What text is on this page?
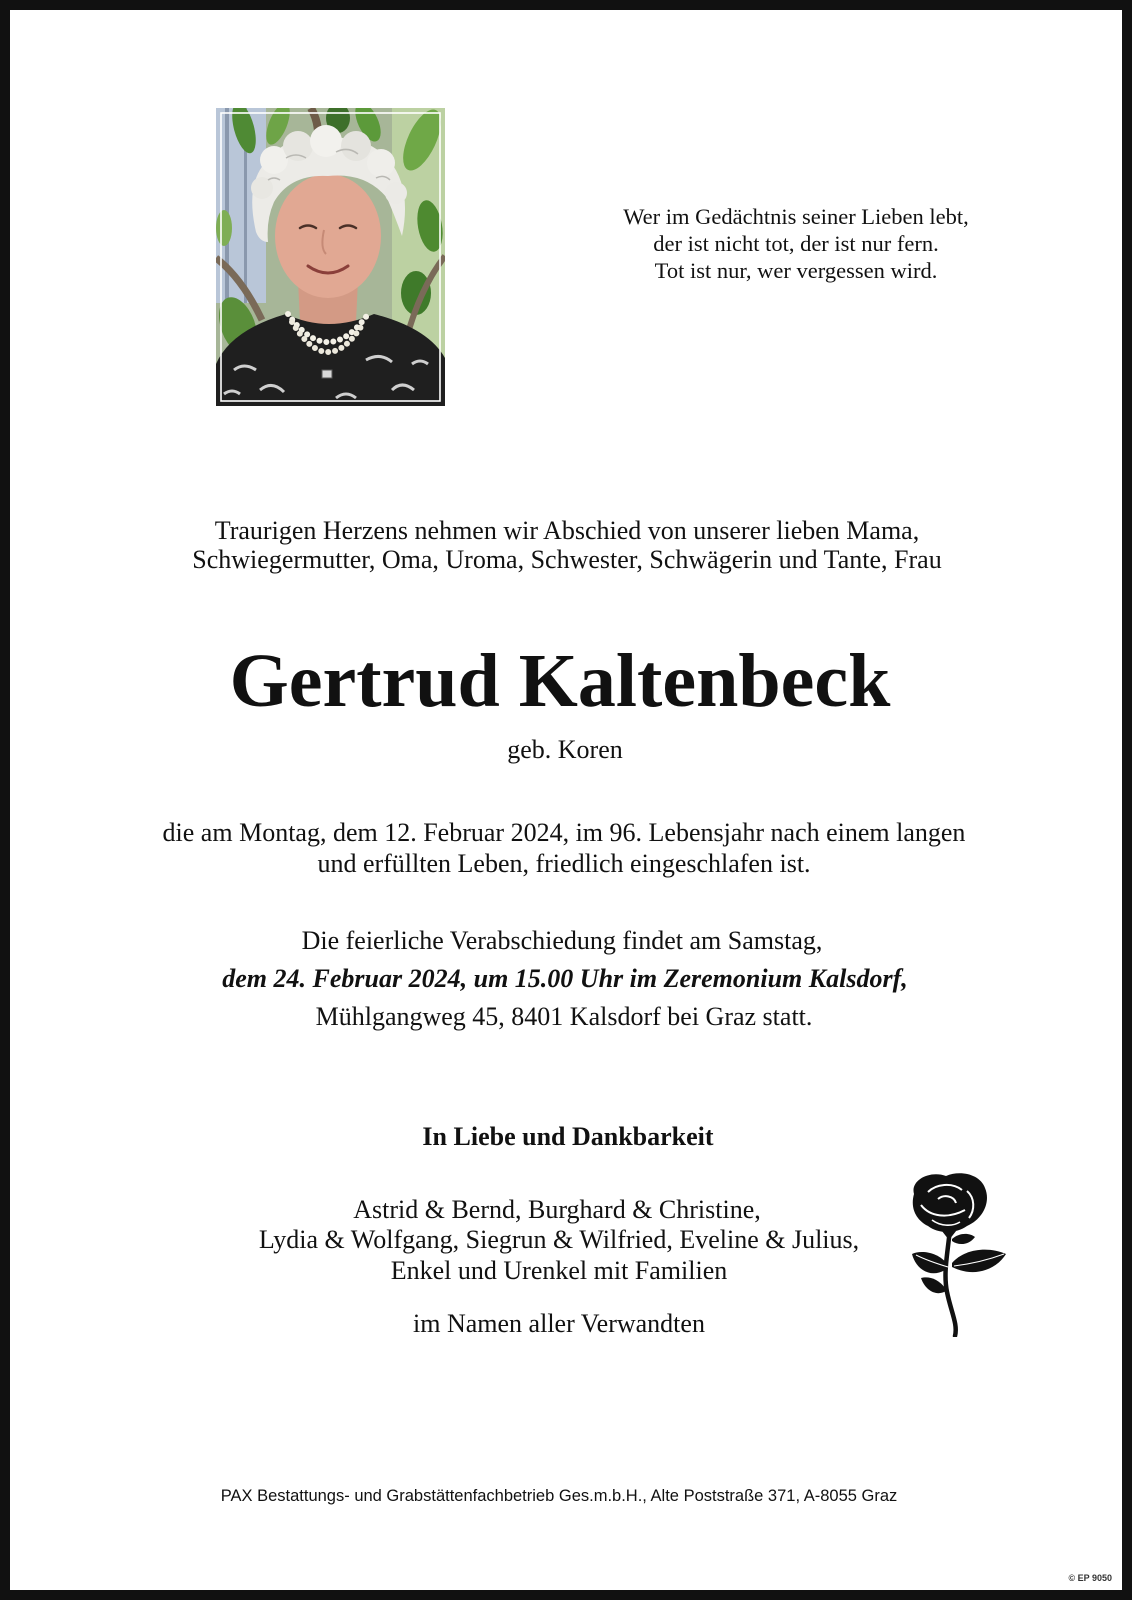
Wer im Gedächtnis seiner Lieben lebt,
der ist nicht tot, der ist nur fern.
Tot ist nur, wer vergessen wird.
Traurigen Herzens nehmen wir Abschied von unserer lieben Mama,
Schwiegermutter, Oma, Uroma, Schwester, Schwägerin und Tante, Frau
Gertrud Kaltenbeck
geb. Koren
die am Montag, dem 12. Februar 2024, im 96. Lebensjahr nach einem langen
und erfüllten Leben, friedlich eingeschlafen ist.
Die feierliche Verabschiedung findet am Samstag,
dem 24. Februar 2024, um 15.00 Uhr im Zeremonium Kalsdorf,
Mühlgangweg 45, 8401 Kalsdorf bei Graz statt.
In Liebe und Dankbarkeit
Astrid & Bernd, Burghard & Christine,
Lydia & Wolfgang, Siegrun & Wilfried, Eveline & Julius,
Enkel und Urenkel mit Familien
im Namen aller Verwandten
PAX Bestattungs- und Grabstättenfachbetrieb Ges.m.b.H., Alte Poststraße 371, A-8055 Graz
© EP 9050
